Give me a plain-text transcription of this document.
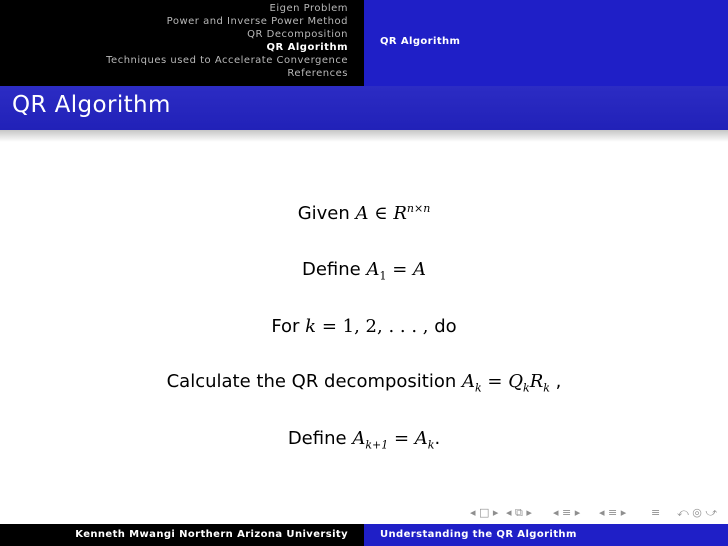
Eigen Problem
Power and Inverse Power Method
QR Decomposition
QR Algorithm
Techniques used to Accelerate Convergence
References
QR Algorithm
QR Algorithm
Given A ∈ $R^{n\times n}$
Define $A_1 = A$
For k = 1, 2, . . . , do
Calculate the QR decomposition $A_k = Q_kR_k$ ,
Define $A_{k+1} = A_k$.
◂ □ ▸ ◂ ⧉ ▸ ◂ ≡ ▸ ◂ ≡ ▸ ≡ ⤺ ◎ ⤻
Kenneth Mwangi Northern Arizona University	Understanding the QR Algorithm
